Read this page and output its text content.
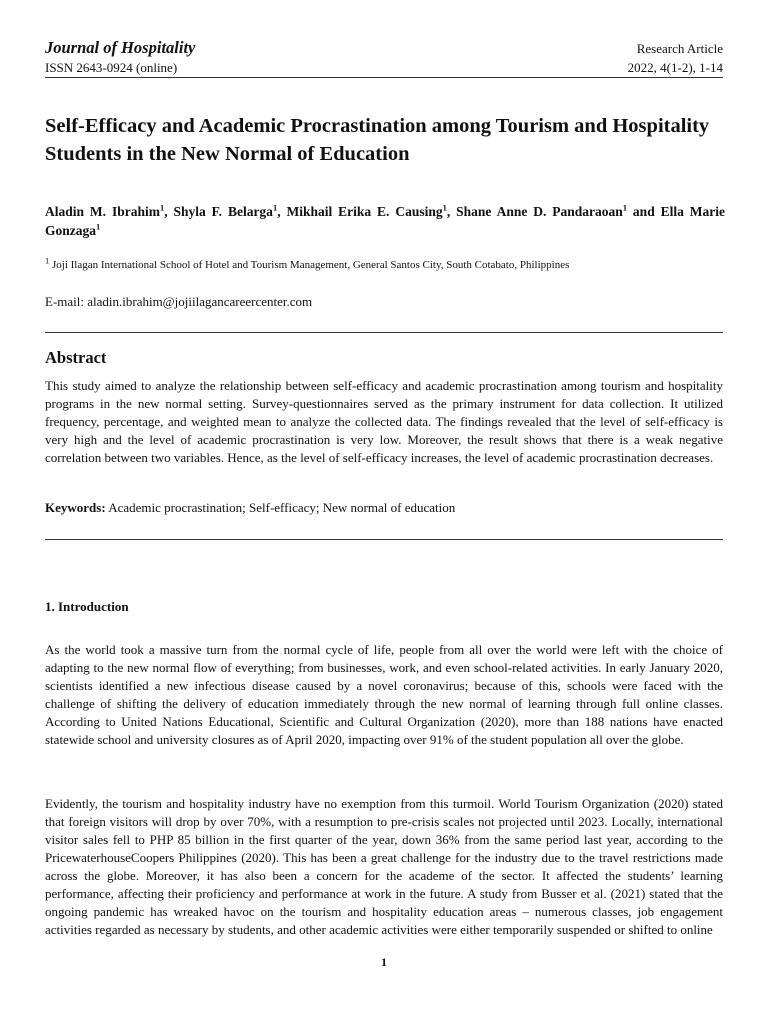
Journal of Hospitality
ISSN 2643-0924 (online)
Research Article
2022, 4(1-2), 1-14
Self-Efficacy and Academic Procrastination among Tourism and Hospitality Students in the New Normal of Education
Aladin M. Ibrahim$^1$, Shyla F. Belarga$^1$, Mikhail Erika E. Causing$^1$, Shane Anne D. Pandaraoan$^1$ and Ella Marie Gonzaga$^1$
$^1$ Joji Ilagan International School of Hotel and Tourism Management, General Santos City, South Cotabato, Philippines
E-mail: aladin.ibrahim@jojiilagancareercenter.com
Abstract
This study aimed to analyze the relationship between self-efficacy and academic procrastination among tourism and hospitality programs in the new normal setting. Survey-questionnaires served as the primary instrument for data collection. It utilized frequency, percentage, and weighted mean to analyze the collected data. The findings revealed that the level of self-efficacy is very high and the level of academic procrastination is very low. Moreover, the result shows that there is a weak negative correlation between two variables. Hence, as the level of self-efficacy increases, the level of academic procrastination decreases.
Keywords: Academic procrastination; Self-efficacy; New normal of education
1. Introduction
As the world took a massive turn from the normal cycle of life, people from all over the world were left with the choice of adapting to the new normal flow of everything; from businesses, work, and even school-related activities. In early January 2020, scientists identified a new infectious disease caused by a novel coronavirus; because of this, schools were faced with the challenge of shifting the delivery of education immediately through the new normal of learning through full online classes. According to United Nations Educational, Scientific and Cultural Organization (2020), more than 188 nations have enacted statewide school and university closures as of April 2020, impacting over 91% of the student population all over the globe.
Evidently, the tourism and hospitality industry have no exemption from this turmoil. World Tourism Organization (2020) stated that foreign visitors will drop by over 70%, with a resumption to pre-crisis scales not projected until 2023. Locally, international visitor sales fell to PHP 85 billion in the first quarter of the year, down 36% from the same period last year, according to the PricewaterhouseCoopers Philippines (2020). This has been a great challenge for the industry due to the travel restrictions made across the globe. Moreover, it has also been a concern for the academe of the sector. It affected the students’ learning performance, affecting their proficiency and performance at work in the future. A study from Busser et al. (2021) stated that the ongoing pandemic has wreaked havoc on the tourism and hospitality education areas – numerous classes, job engagement activities regarded as necessary by students, and other academic activities were either temporarily suspended or shifted to online
1
